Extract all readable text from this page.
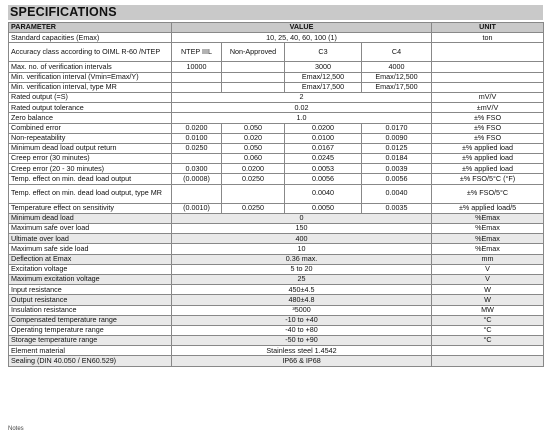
SPECIFICATIONS
PARAMETER	VALUE				UNIT
Standard capacities (Emax)	10, 25, 40, 60, 100 (1)				ton
Accuracy class according to OIML R-60 /NTEP	NTEP IIIL	Non-Approved	C3	C4	
Max. no. of verification intervals	10000		3000	4000	
Min. verification interval (Vmin=Emax/Y)			Emax/12,500	Emax/12,500	
Min. verification interval, type MR			Emax/17,500	Emax/17,500	
Rated output (=S)	2				mV/V
Rated output tolerance	0.02				±mV/V
Zero balance	1.0				±% FSO
Combined error	0.0200	0.050	0.0200	0.0170	±% FSO
Non-repeatability	0.0100	0.020	0.0100	0.0090	±% FSO
Minimum dead load output return	0.0250	0.050	0.0167	0.0125	±% applied load
Creep error (30 minutes)		0.060	0.0245	0.0184	±% applied load
Creep error (20 - 30 minutes)	0.0300	0.0200	0.0053	0.0039	±% applied load
Temp. effect on min. dead load output	(0.0008)	0.0250	0.0056	0.0056	±% FSO/5°C (°F)
Temp. effect on min. dead load output, type MR			0.0040	0.0040	±% FSO/5°C
Temperature effect on sensitivity	(0.0010)	0.0250	0.0050	0.0035	±% applied load/5
Minimum dead load	0				%Emax
Maximum safe over load	150				%Emax
Ultimate over load	400				%Emax
Maximum safe side load	10				%Emax
Deflection at Emax	0.36 max.				mm
Excitation voltage	5 to 20				V
Maximum excitation voltage	25				V
Input resistance	450±4.5				W
Output resistance	480±4.8				W
Insulation resistance	³5000				MW
Compensated temperature range	-10 to +40				°C
Operating temperature range	-40 to +80				°C
Storage temperature range	-50 to +90				°C
Element material	Stainless steel 1.4542				
Sealing (DIN 40.050 / EN60.529)	IP66 & IP68				
Notes
